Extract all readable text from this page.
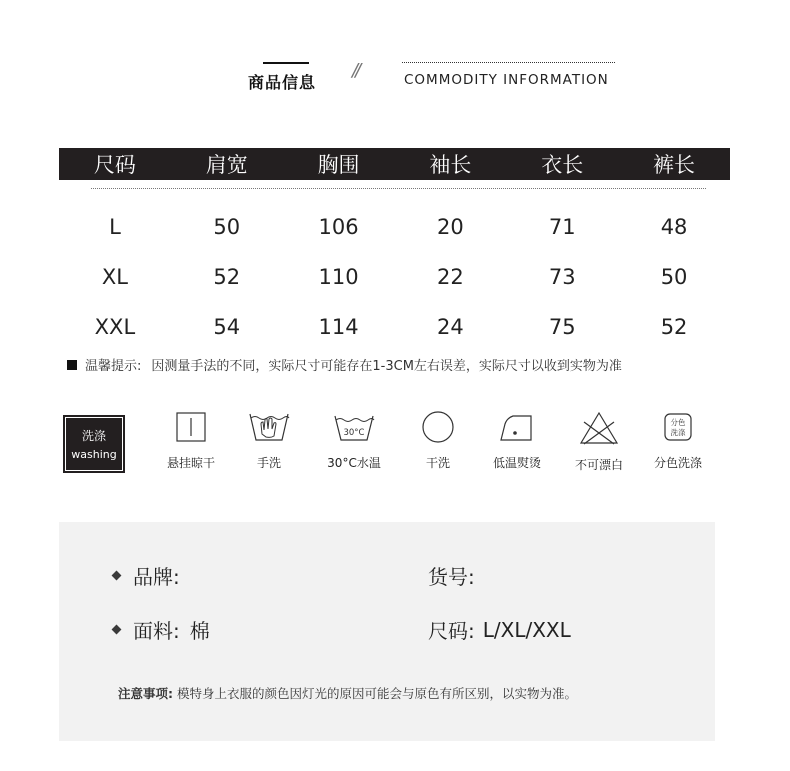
商品信息
//	COMMODITY INFORMATION
尺码	肩宽	胸围	袖长	衣长	裤长
L	50	106	20	71	48
XL	52	110	22	73	50
XXL	54	114	24	75	52
温馨提示: 因测量手法的不同，实际尺寸可能存在1-3CM左右误差，实际尺寸以收到实物为准
洗涤
washing
悬挂晾干	手洗
30°C
30°C水温	干洗	低温熨烫	不可漂白
分色
洗涤
分色洗涤
品牌:	货号:
面料: 棉	尺码: L/XL/XXL
注意事项: 模特身上衣服的颜色因灯光的原因可能会与原色有所区别，以实物为准。
